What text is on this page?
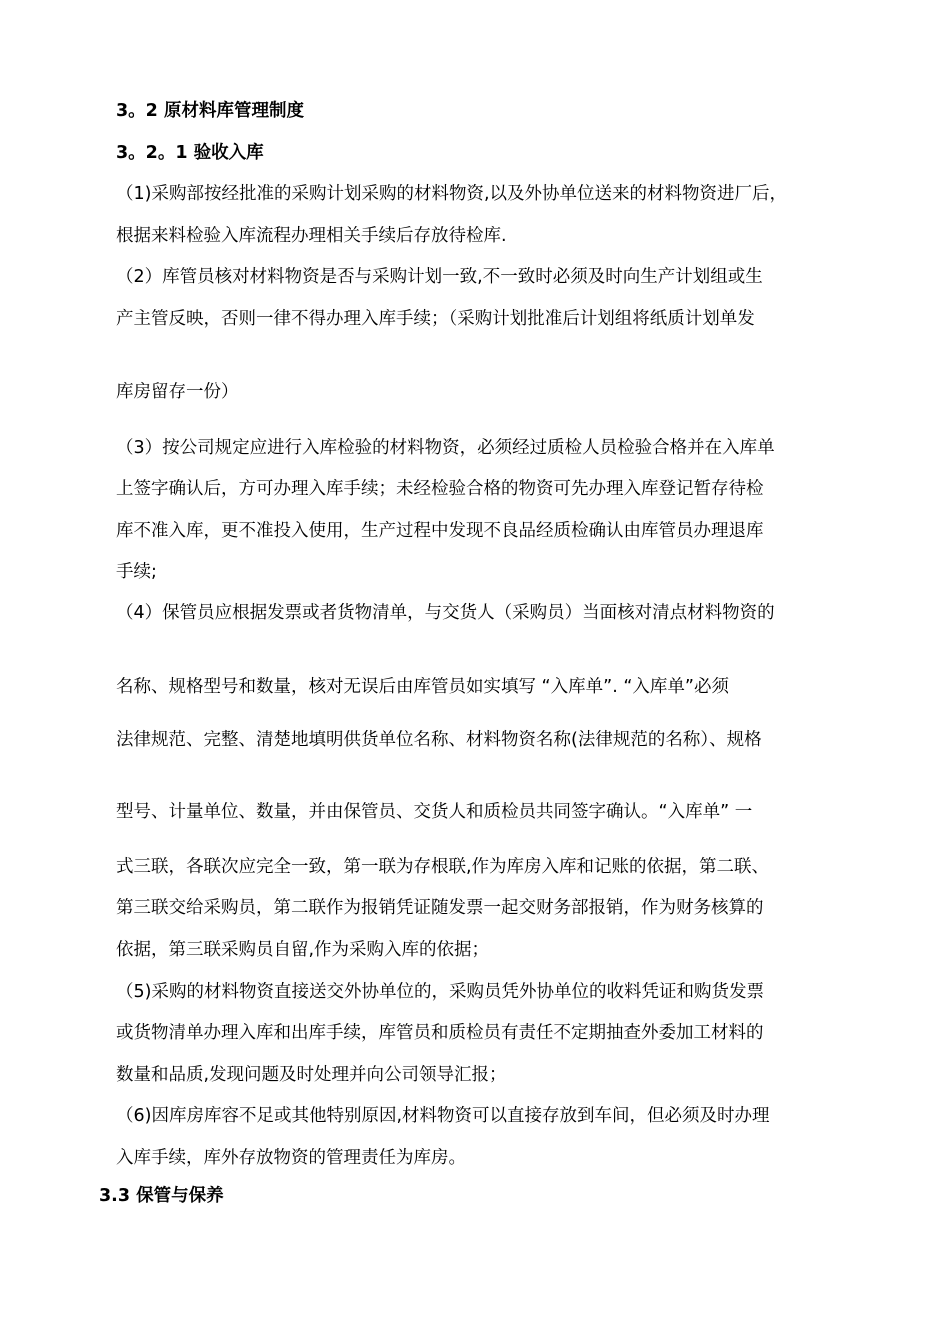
3。2 原材料库管理制度
3。2。1 验收入库

（1)采购部按经批准的采购计划采购的材料物资,以及外协单位送来的材料物资进厂后，

根据来料检验入库流程办理相关手续后存放待检库.

（2）库管员核对材料物资是否与采购计划一致,不一致时必须及时向生产计划组或生

产主管反映，否则一律不得办理入库手续；（采购计划批准后计划组将纸质计划单发

库房留存一份）

（3）按公司规定应进行入库检验的材料物资，必须经过质检人员检验合格并在入库单

上签字确认后，方可办理入库手续；未经检验合格的物资可先办理入库登记暂存待检

库不准入库，更不准投入使用，生产过程中发现不良品经质检确认由库管员办理退库

手续;

（4）保管员应根据发票或者货物清单，与交货人（采购员）当面核对清点材料物资的

名称、规格型号和数量，核对无误后由库管员如实填写 “入库单”. “入库单”必须

法律规范、完整、清楚地填明供货单位名称、材料物资名称(法律规范的名称）、规格

型号、计量单位、数量，并由保管员、交货人和质检员共同签字确认。“入库单” 一

式三联，各联次应完全一致，第一联为存根联,作为库房入库和记账的依据，第二联、

第三联交给采购员，第二联作为报销凭证随发票一起交财务部报销，作为财务核算的

依据，第三联采购员自留,作为采购入库的依据；

（5)采购的材料物资直接送交外协单位的，采购员凭外协单位的收料凭证和购货发票

或货物清单办理入库和出库手续，库管员和质检员有责任不定期抽查外委加工材料的

数量和品质,发现问题及时处理并向公司领导汇报；

（6)因库房库容不足或其他特别原因,材料物资可以直接存放到车间，但必须及时办理

入库手续，库外存放物资的管理责任为库房。

3.3 保管与保养
